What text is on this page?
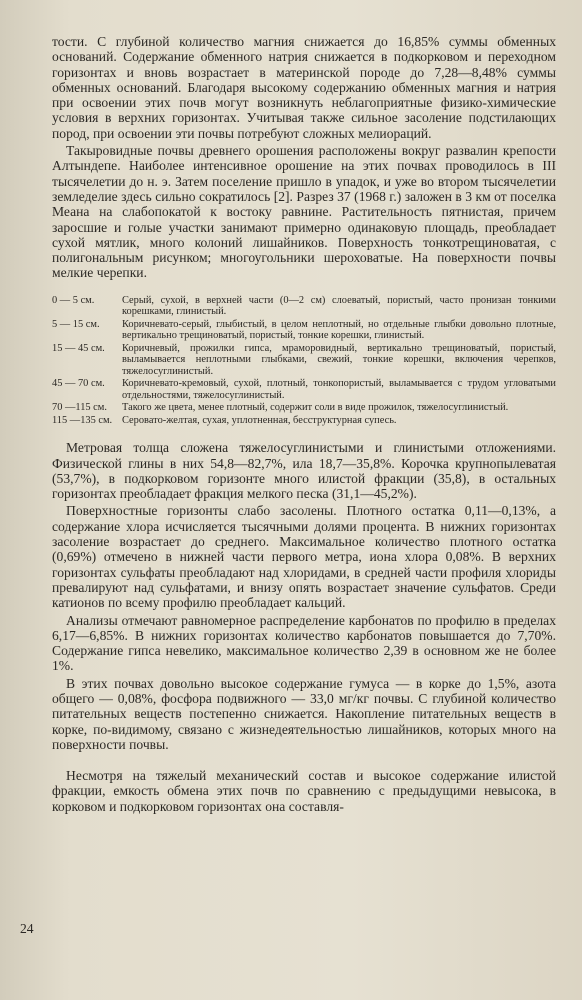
тости. С глубиной количество магния снижается до 16,85% суммы обменных оснований. Содержание обменного натрия снижается в подкорковом и переходном горизонтах и вновь возрастает в материнской породе до 7,28—8,48% суммы обменных оснований. Благодаря высокому содержанию обменных магния и натрия при освоении этих почв могут возникнуть неблагоприятные физико-химические условия в верхних горизонтах. Учитывая также сильное засоление подстилающих пород, при освоении эти почвы потребуют сложных мелиораций.

Такыровидные почвы древнего орошения расположены вокруг развалин крепости Алтындепе. Наиболее интенсивное орошение на этих почвах проводилось в III тысячелетии до н. э. Затем поселение пришло в упадок, и уже во втором тысячелетии земледелие здесь сильно сократилось [2]. Разрез 37 (1968 г.) заложен в 3 км от поселка Меана на слабопокатой к востоку равнине. Растительность пятнистая, причем заросшие и голые участки занимают примерно одинаковую площадь, преобладает сухой мятлик, много колоний лишайников. Поверхность тонкотрещиноватая, с полигональным рисунком; многоугольники шероховатые. На поверхности почвы мелкие черепки.

0 — 5 см.	Серый, сухой, в верхней части (0—2 см) слоеватый, пористый, часто пронизан тонкими корешками, глинистый.
5 — 15 см.	Коричневато-серый, глыбистый, в целом неплотный, но отдельные глыбки довольно плотные, вертикально трещиноватый, пористый, тонкие корешки, глинистый.
15 — 45 см.	Коричневый, прожилки гипса, мраморовидный, вертикально трещиноватый, пористый, выламывается неплотными глыбками, свежий, тонкие корешки, включения черепков, тяжелосуглинистый.
45 — 70 см.	Коричневато-кремовый, сухой, плотный, тонкопористый, выламывается с трудом угловатыми отдельностями, тяжелосуглинистый.
70 —115 см.	Такого же цвета, менее плотный, содержит соли в виде прожилок, тяжелосуглинистый.
115 —135 см. Серовато-желтая, сухая, уплотненная, бесструктурная супесь.

Метровая толща сложена тяжелосуглинистыми и глинистыми отложениями. Физической глины в них 54,8—82,7%, ила 18,7—35,8%. Корочка крупнопылеватая (53,7%), в подкорковом горизонте много илистой фракции (35,8), в остальных горизонтах преобладает фракция мелкого песка (31,1—45,2%).

Поверхностные горизонты слабо засолены. Плотного остатка 0,11—0,13%, а содержание хлора исчисляется тысячными долями процента. В нижних горизонтах засоление возрастает до среднего. Максимальное количество плотного остатка (0,69%) отмечено в нижней части первого метра, иона хлора 0,08%. В верхних горизонтах сульфаты преобладают над хлоридами, в средней части профиля хлориды превалируют над сульфатами, и внизу опять возрастает значение сульфатов. Среди катионов по всему профилю преобладает кальций.

Анализы отмечают равномерное распределение карбонатов по профилю в пределах 6,17—6,85%. В нижних горизонтах количество карбонатов повышается до 7,70%. Содержание гипса невелико, максимальное количество 2,39 в основном же не более 1%.

В этих почвах довольно высокое содержание гумуса — в корке до 1,5%, азота общего — 0,08%, фосфора подвижного — 33,0 мг/кг почвы. С глубиной количество питательных веществ постепенно снижается. Накопление питательных веществ в корке, по-видимому, связано с жизнедеятельностью лишайников, которых много на поверхности почвы.

Несмотря на тяжелый механический состав и высокое содержание илистой фракции, емкость обмена этих почв по сравнению с предыдущими невысока, в корковом и подкорковом горизонтах она составля-

24
